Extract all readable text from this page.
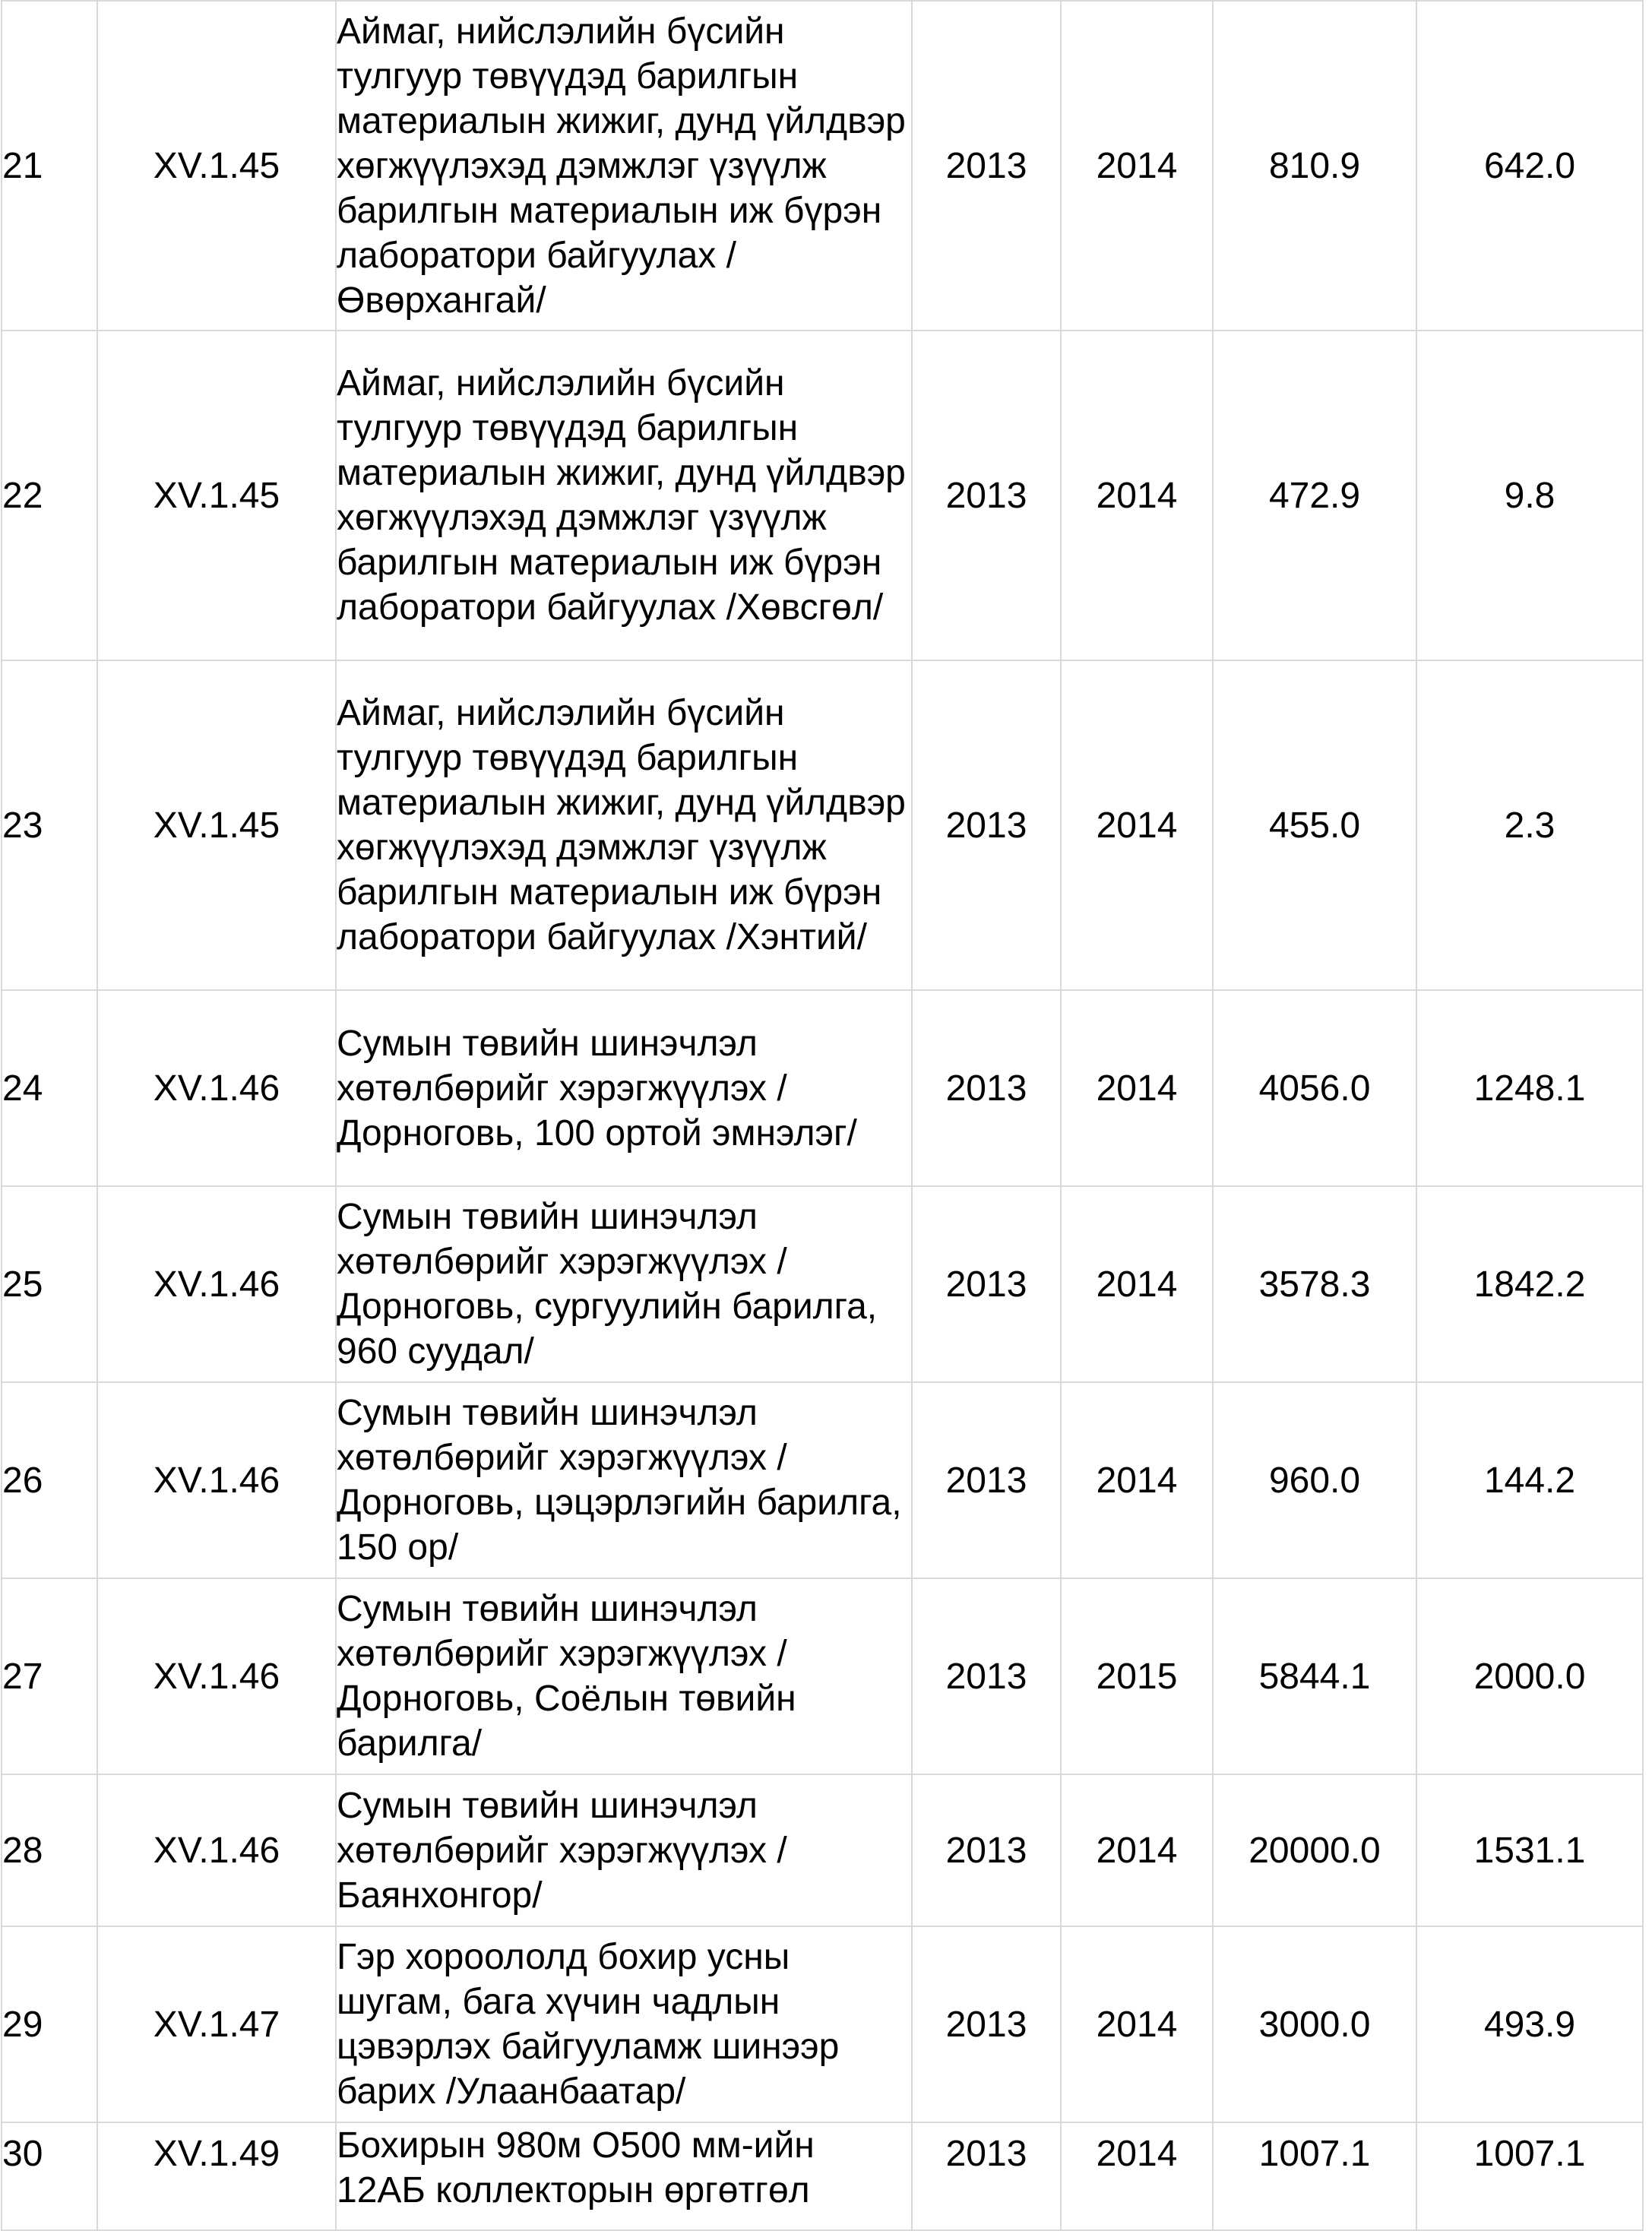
21	XV.1.45	Аймаг, нийслэлийн бүсийн тулгуур төвүүдэд барилгын материалын жижиг, дунд үйлдвэр хөгжүүлэхэд дэмжлэг үзүүлж барилгын материалын иж бүрэн лаборатори байгуулах /Өвөрхангай/	2013	2014	810.9	642.0
22	XV.1.45	Аймаг, нийслэлийн бүсийн тулгуур төвүүдэд барилгын материалын жижиг, дунд үйлдвэр хөгжүүлэхэд дэмжлэг үзүүлж барилгын материалын иж бүрэн лаборатори байгуулах /Хөвсгөл/	2013	2014	472.9	9.8
23	XV.1.45	Аймаг, нийслэлийн бүсийн тулгуур төвүүдэд барилгын материалын жижиг, дунд үйлдвэр хөгжүүлэхэд дэмжлэг үзүүлж барилгын материалын иж бүрэн лаборатори байгуулах /Хэнтий/	2013	2014	455.0	2.3
24	XV.1.46	Сумын төвийн шинэчлэл хөтөлбөрийг хэрэгжүүлэх /Дорноговь, 100 ортой эмнэлэг/	2013	2014	4056.0	1248.1
25	XV.1.46	Сумын төвийн шинэчлэл хөтөлбөрийг хэрэгжүүлэх /Дорноговь, сургуулийн барилга, 960 суудал/	2013	2014	3578.3	1842.2
26	XV.1.46	Сумын төвийн шинэчлэл хөтөлбөрийг хэрэгжүүлэх /Дорноговь, цэцэрлэгийн барилга, 150 ор/	2013	2014	960.0	144.2
27	XV.1.46	Сумын төвийн шинэчлэл хөтөлбөрийг хэрэгжүүлэх /Дорноговь, Соёлын төвийн барилга/	2013	2015	5844.1	2000.0
28	XV.1.46	Сумын төвийн шинэчлэл хөтөлбөрийг хэрэгжүүлэх /Баянхонгор/	2013	2014	20000.0	1531.1
29	XV.1.47	Гэр хороололд бохир усны шугам, бага хүчин чадлын цэвэрлэх байгууламж шинээр барих /Улаанбаатар/	2013	2014	3000.0	493.9
30	XV.1.49	Бохирын 980м О500 мм-ийн 12АБ коллекторын өргөтгөл	2013	2014	1007.1	1007.1
